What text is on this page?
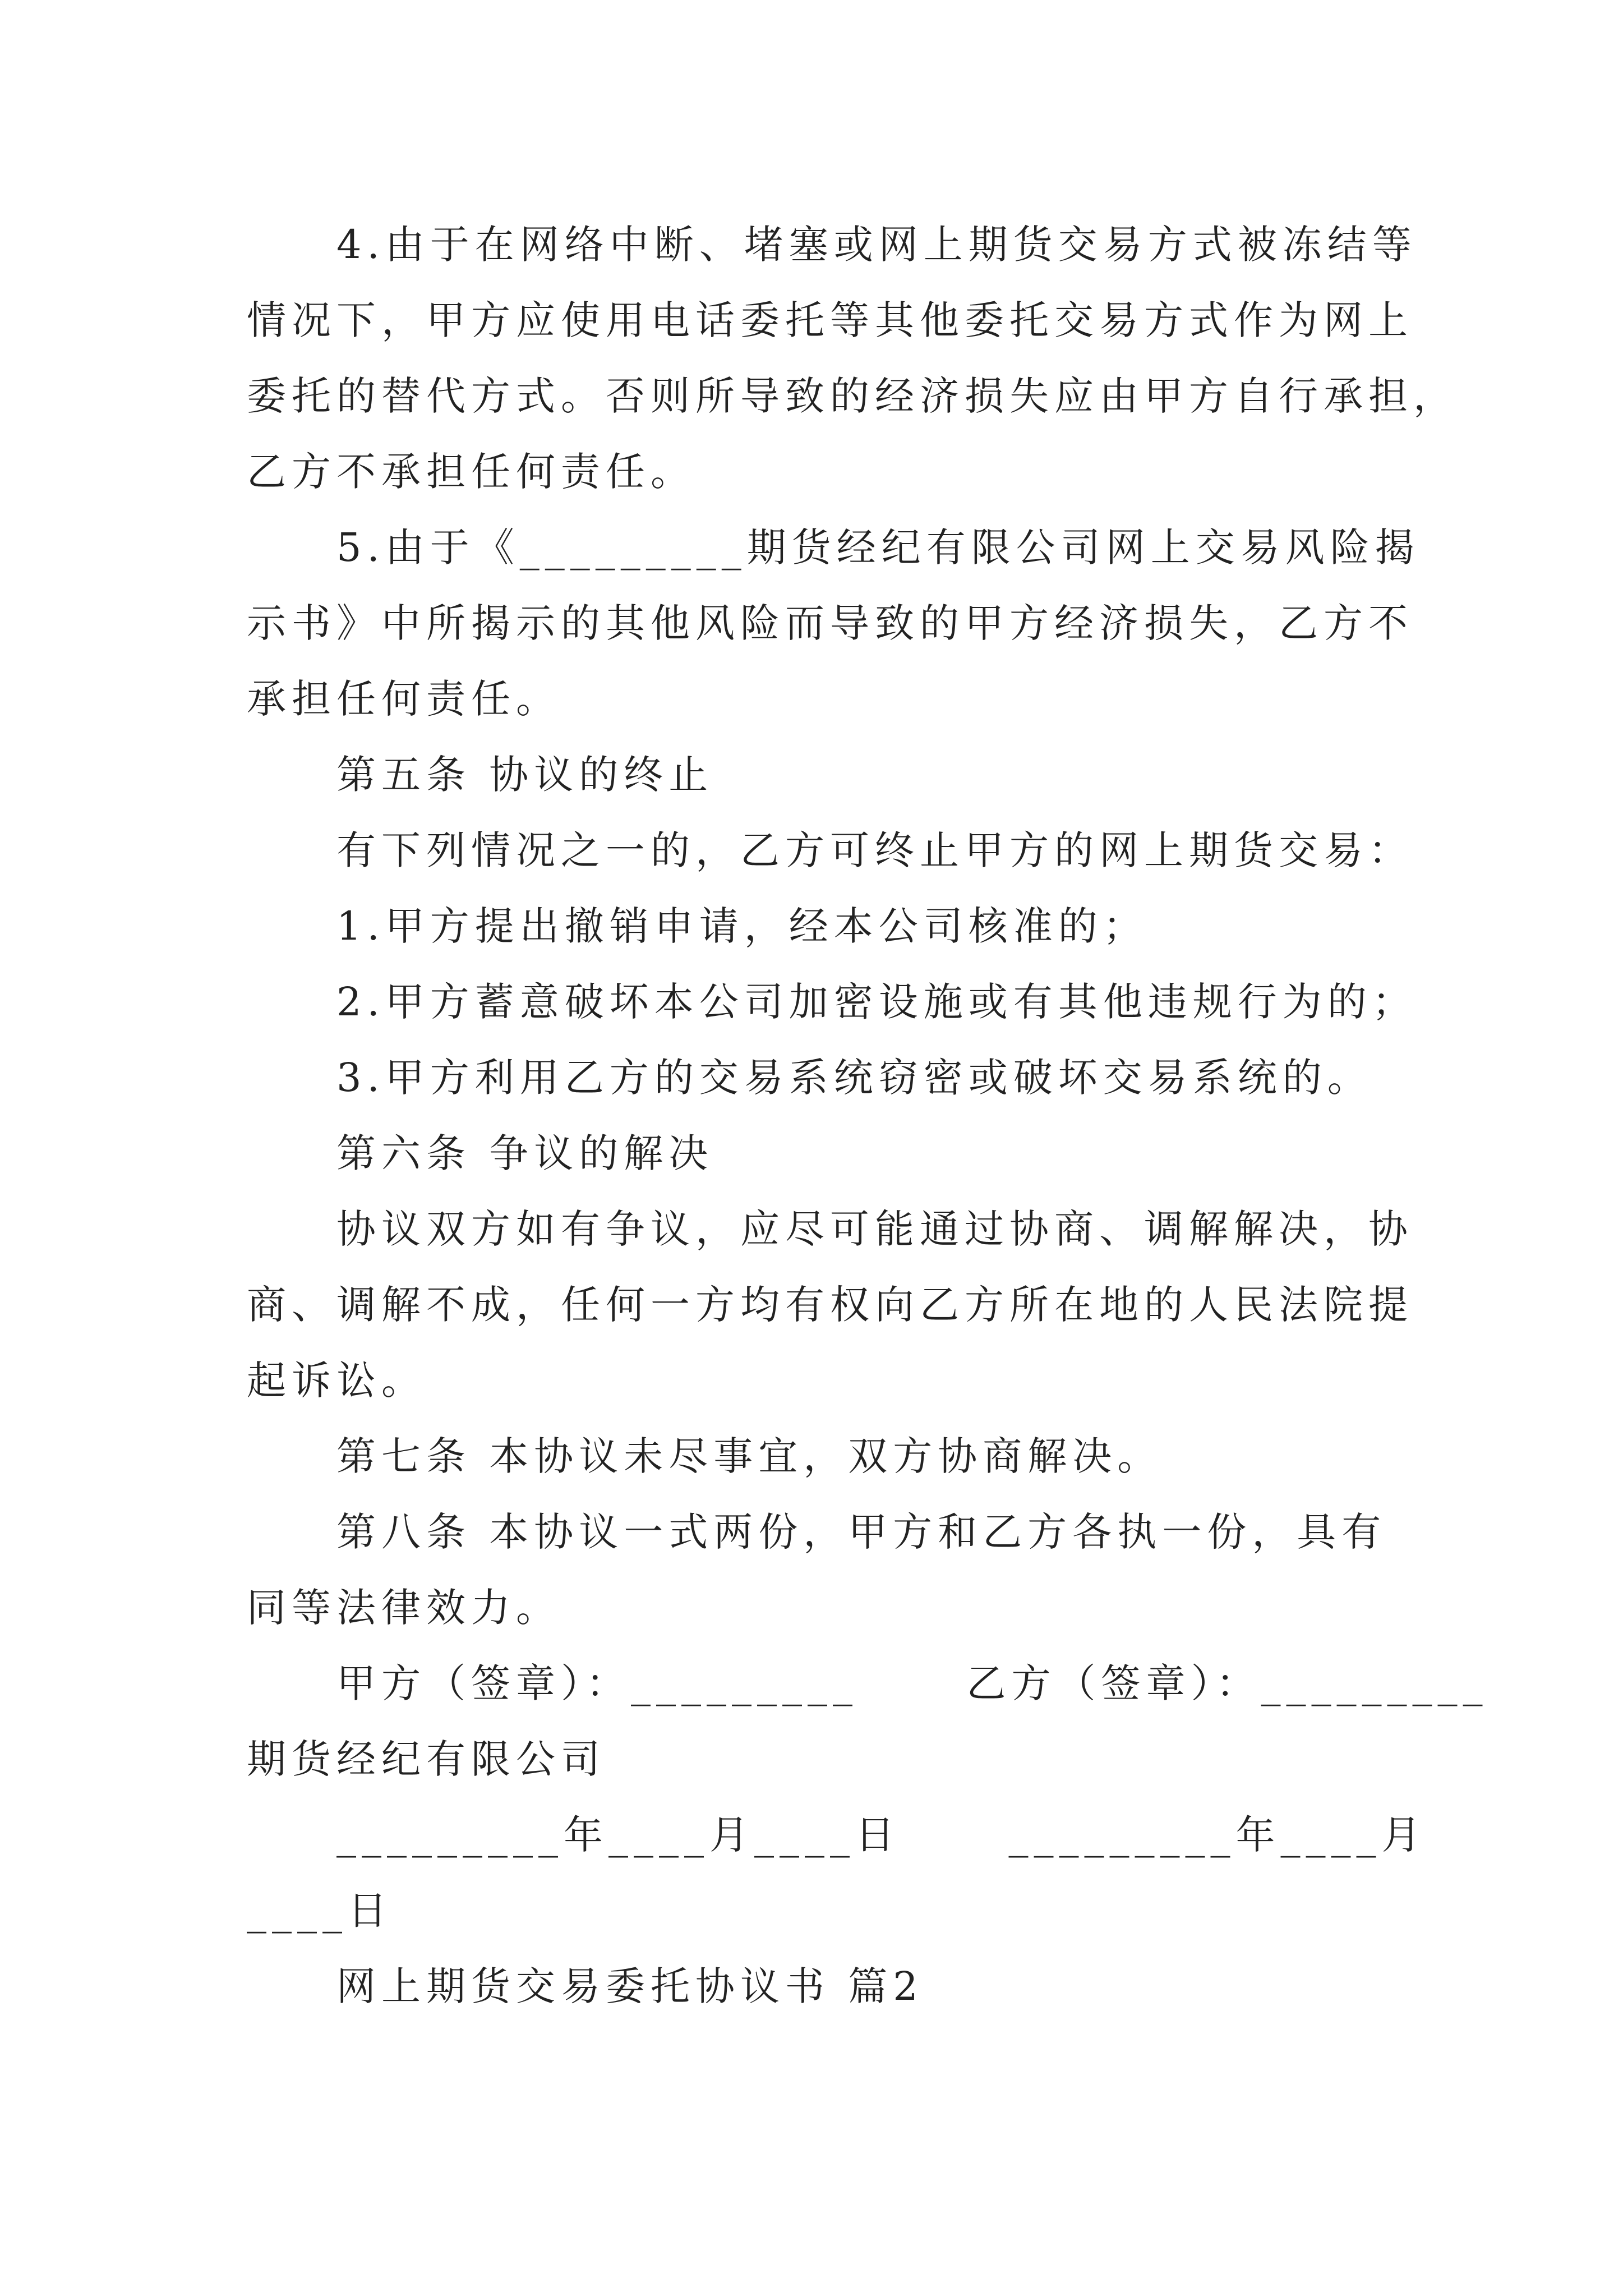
4.由于在网络中断、堵塞或网上期货交易方式被冻结等
情况下，甲方应使用电话委托等其他委托交易方式作为网上
委托的替代方式。否则所导致的经济损失应由甲方自行承担，
乙方不承担任何责任。
5.由于《_________期货经纪有限公司网上交易风险揭
示书》中所揭示的其他风险而导致的甲方经济损失，乙方不
承担任何责任。
第五条 协议的终止
有下列情况之一的，乙方可终止甲方的网上期货交易：
1.甲方提出撤销申请，经本公司核准的；
2.甲方蓄意破坏本公司加密设施或有其他违规行为的；
3.甲方利用乙方的交易系统窃密或破坏交易系统的。
第六条 争议的解决
协议双方如有争议，应尽可能通过协商、调解解决，协
商、调解不成，任何一方均有权向乙方所在地的人民法院提
起诉讼。
第七条 本协议未尽事宜，双方协商解决。
第八条 本协议一式两份，甲方和乙方各执一份，具有
同等法律效力。
甲方（签章）：_________      乙方（签章）：_________
期货经纪有限公司
_________年____月____日      _________年____月
____日
网上期货交易委托协议书 篇2
